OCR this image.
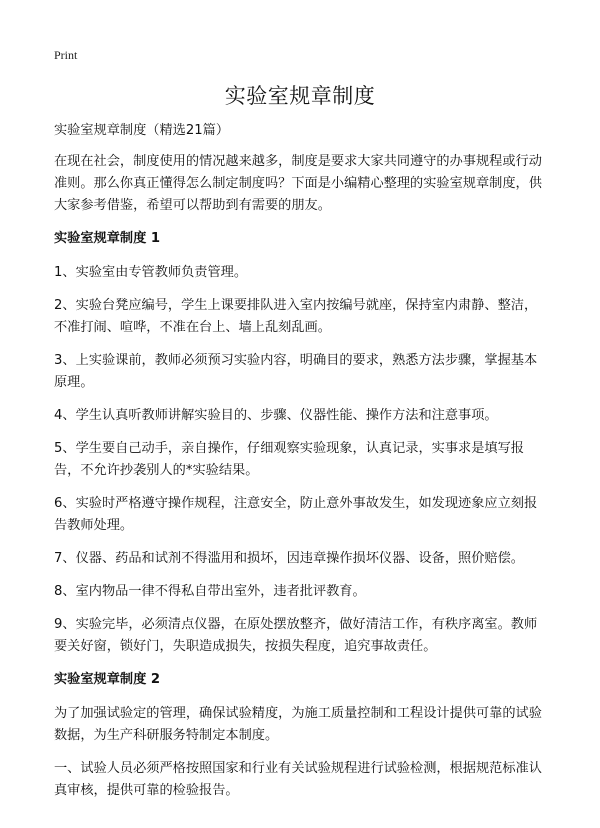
Print
实验室规章制度

实验室规章制度（精选21篇）

在现在社会，制度使用的情况越来越多，制度是要求大家共同遵守的办事规程或行动准则。那么你真正懂得怎么制定制度吗？下面是小编精心整理的实验室规章制度，供大家参考借鉴，希望可以帮助到有需要的朋友。

实验室规章制度 1

1、实验室由专管教师负责管理。

2、实验台凳应编号，学生上课要排队进入室内按编号就座，保持室内肃静、整洁，不准打闹、喧哗，不准在台上、墙上乱刻乱画。

3、上实验课前，教师必须预习实验内容，明确目的要求，熟悉方法步骤，掌握基本原理。

4、学生认真听教师讲解实验目的、步骤、仪器性能、操作方法和注意事项。

5、学生要自己动手，亲自操作，仔细观察实验现象，认真记录，实事求是填写报告，不允许抄袭别人的*实验结果。

6、实验时严格遵守操作规程，注意安全，防止意外事故发生，如发现迹象应立刻报告教师处理。

7、仪器、药品和试剂不得滥用和损坏，因违章操作损坏仪器、设备，照价赔偿。

8、室内物品一律不得私自带出室外，违者批评教育。

9、实验完毕，必须清点仪器，在原处摆放整齐，做好清洁工作，有秩序离室。教师要关好窗，锁好门，失职造成损失，按损失程度，追究事故责任。

实验室规章制度 2

为了加强试验定的管理，确保试验精度，为施工质量控制和工程设计提供可靠的试验数据，为生产科研服务特制定本制度。

一、试验人员必须严格按照国家和行业有关试验规程进行试验检测，根据规范标准认真审核，提供可靠的检验报告。
